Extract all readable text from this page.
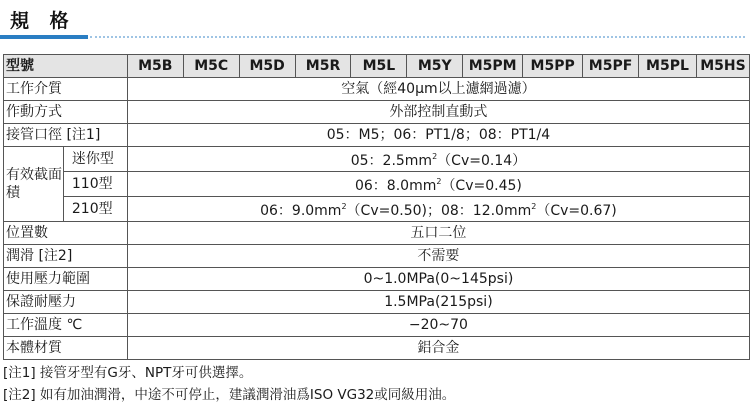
規 格
型號		M5B	M5C	M5D	M5R	M5L	M5Y	M5PM	M5PP	M5PF	M5PL	M5HS
工作介質		空氣（經40μm以上濾網過濾）										
作動方式		外部控制直動式										
接管口徑 [注1]		05：M5；06：PT1/8；08：PT1/4										
有效截面積	迷你型	05：$2.5mm^2(Cv=0.14)$										
	110型	06：$8.0mm^2(Cv=0.45)$										
	210型	06：$9.0mm^2(Cv=0.50)$；08：$12.0mm^2(Cv=0.67)$										
位置數		五口二位										
潤滑 [注2]		不需要										
使用壓力範圍		0~1.0MPa(0~145psi)										
保證耐壓力		1.5MPa(215psi)										
工作溫度 ℃		−20~70										
本體材質		鋁合金										
[注1] 接管牙型有G牙、NPT牙可供選擇。
[注2] 如有加油潤滑，中途不可停止，建議潤滑油爲ISO VG32或同級用油。
